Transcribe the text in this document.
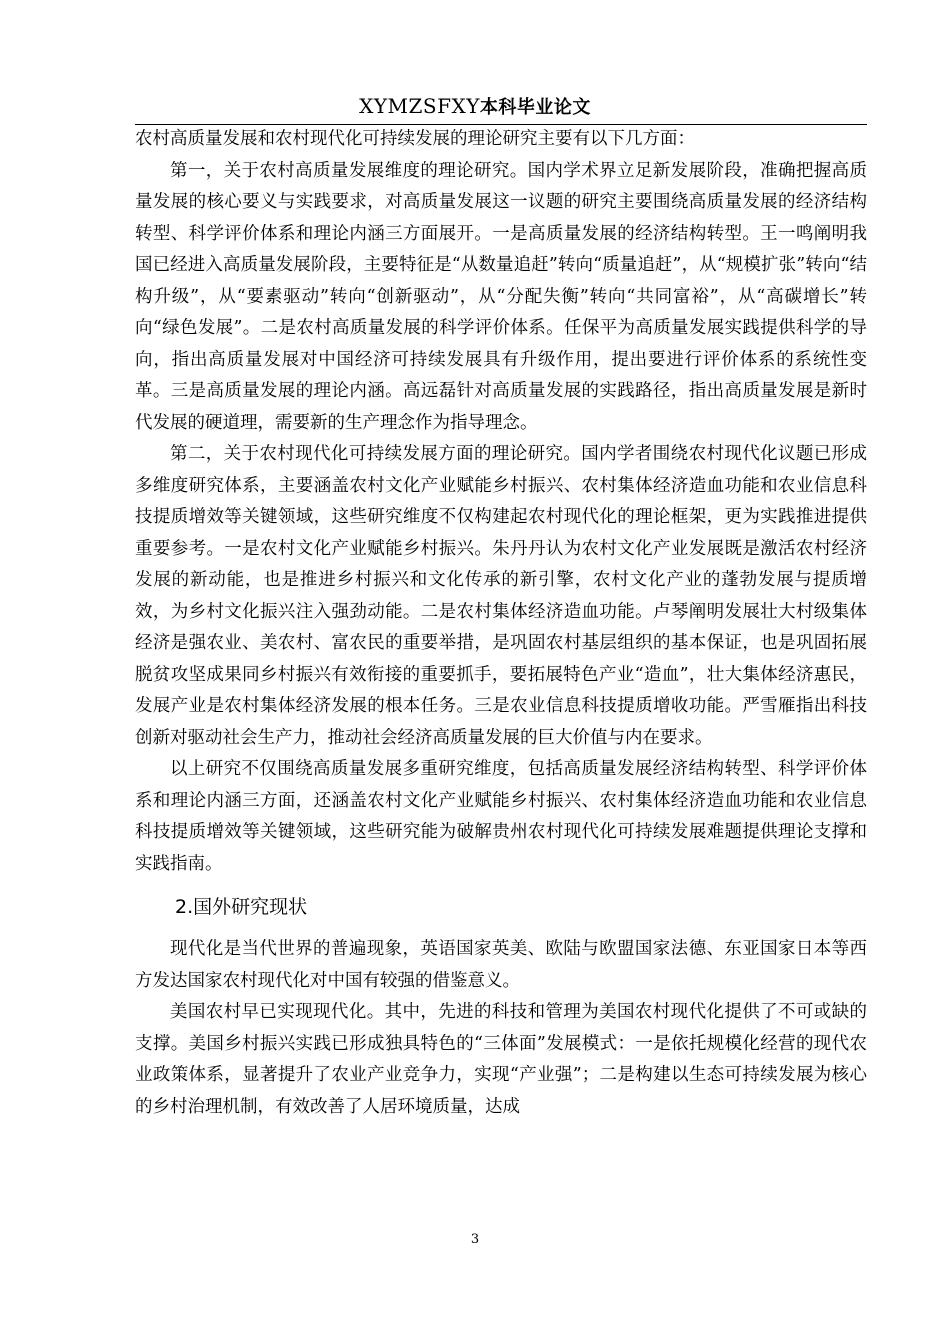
XYMZSFXY本科毕业论文

农村高质量发展和农村现代化可持续发展的理论研究主要有以下几方面：

第一，关于农村高质量发展维度的理论研究。国内学术界立足新发展阶段，准确把握高质量发展的核心要义与实践要求，对高质量发展这一议题的研究主要围绕高质量发展的经济结构转型、科学评价体系和理论内涵三方面展开。一是高质量发展的经济结构转型。王一鸣阐明我国已经进入高质量发展阶段，主要特征是“从数量追赶”转向“质量追赶”，从“规模扩张”转向“结构升级”，从“要素驱动”转向“创新驱动”，从“分配失衡”转向“共同富裕”，从“高碳增长”转向“绿色发展”。二是农村高质量发展的科学评价体系。任保平为高质量发展实践提供科学的导向，指出高质量发展对中国经济可持续发展具有升级作用，提出要进行评价体系的系统性变革。三是高质量发展的理论内涵。高远磊针对高质量发展的实践路径，指出高质量发展是新时代发展的硬道理，需要新的生产理念作为指导理念。

第二，关于农村现代化可持续发展方面的理论研究。国内学者围绕农村现代化议题已形成多维度研究体系，主要涵盖农村文化产业赋能乡村振兴、农村集体经济造血功能和农业信息科技提质增效等关键领域，这些研究维度不仅构建起农村现代化的理论框架，更为实践推进提供重要参考。一是农村文化产业赋能乡村振兴。朱丹丹认为农村文化产业发展既是激活农村经济发展的新动能，也是推进乡村振兴和文化传承的新引擎，农村文化产业的蓬勃发展与提质增效，为乡村文化振兴注入强劲动能。二是农村集体经济造血功能。卢琴阐明发展壮大村级集体经济是强农业、美农村、富农民的重要举措，是巩固农村基层组织的基本保证，也是巩固拓展脱贫攻坚成果同乡村振兴有效衔接的重要抓手，要拓展特色产业“造血”，壮大集体经济惠民，发展产业是农村集体经济发展的根本任务。三是农业信息科技提质增收功能。严雪雁指出科技创新对驱动社会生产力，推动社会经济高质量发展的巨大价值与内在要求。

以上研究不仅围绕高质量发展多重研究维度，包括高质量发展经济结构转型、科学评价体系和理论内涵三方面，还涵盖农村文化产业赋能乡村振兴、农村集体经济造血功能和农业信息科技提质增效等关键领域，这些研究能为破解贵州农村现代化可持续发展难题提供理论支撑和实践指南。

2.国外研究现状

现代化是当代世界的普遍现象，英语国家英美、欧陆与欧盟国家法德、东亚国家日本等西方发达国家农村现代化对中国有较强的借鉴意义。

美国农村早已实现现代化。其中，先进的科技和管理为美国农村现代化提供了不可或缺的支撑。美国乡村振兴实践已形成独具特色的“三体面”发展模式：一是依托规模化经营的现代农业政策体系，显著提升了农业产业竞争力，实现“产业强”；二是构建以生态可持续发展为核心的乡村治理机制，有效改善了人居环境质量，达成

3
